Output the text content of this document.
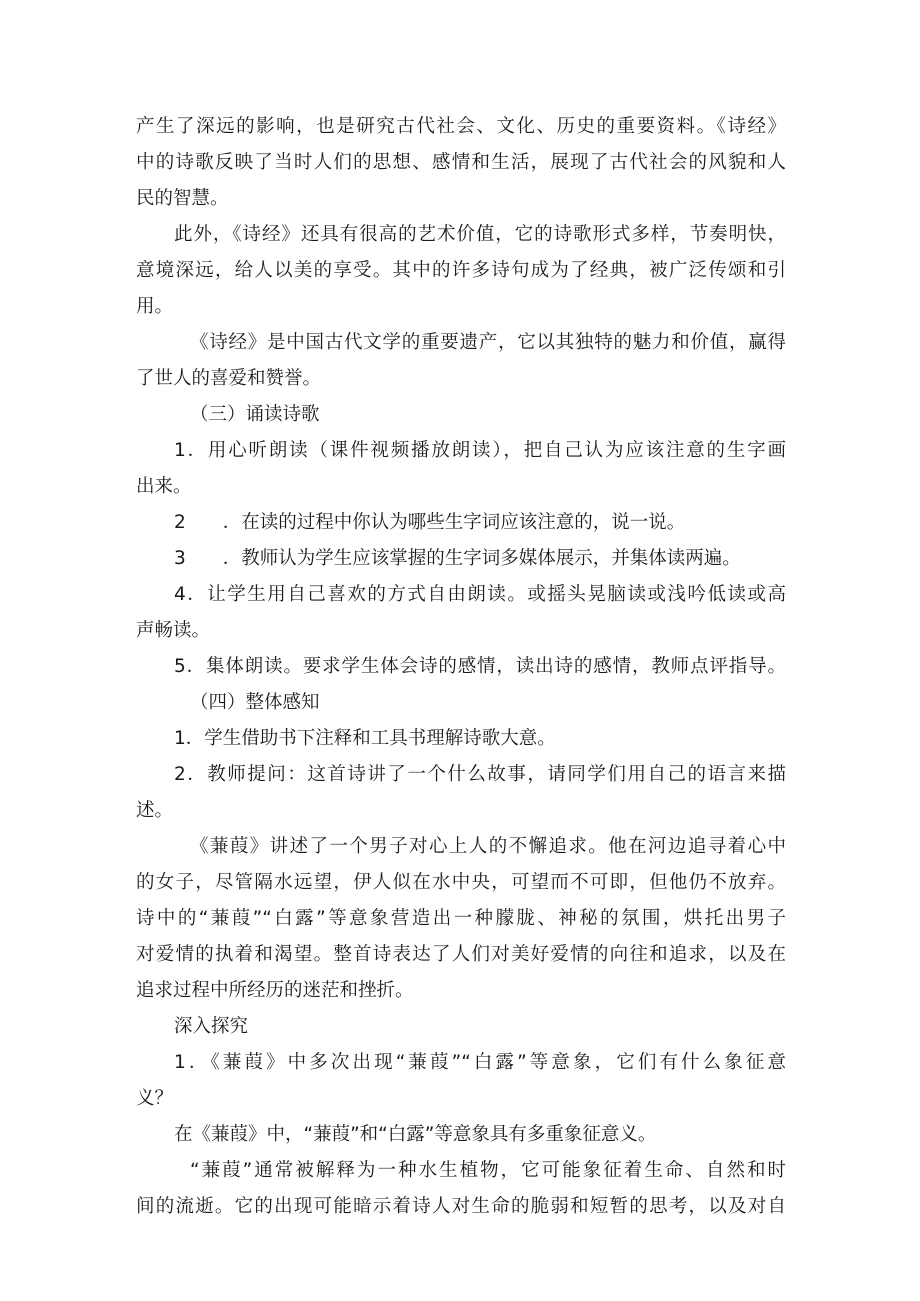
产生了深远的影响，也是研究古代社会、文化、历史的重要资料。《诗经》
中的诗歌反映了当时人们的思想、感情和生活，展现了古代社会的风貌和人
民的智慧。
此外，《诗经》还具有很高的艺术价值，它的诗歌形式多样，节奏明快，
意境深远，给人以美的享受。其中的许多诗句成为了经典，被广泛传颂和引
用。
《诗经》是中国古代文学的重要遗产，它以其独特的魅力和价值，赢得
了世人的喜爱和赞誉。
（三）诵读诗歌
1．用心听朗读（课件视频播放朗读），把自己认为应该注意的生字画
出来。
2　　．在读的过程中你认为哪些生字词应该注意的，说一说。
3　　．教师认为学生应该掌握的生字词多媒体展示，并集体读两遍。
4．让学生用自己喜欢的方式自由朗读。或摇头晃脑读或浅吟低读或高
声畅读。
5．集体朗读。要求学生体会诗的感情，读出诗的感情，教师点评指导。
（四）整体感知
1．学生借助书下注释和工具书理解诗歌大意。
2．教师提问：这首诗讲了一个什么故事，请同学们用自己的语言来描
述。
《蒹葭》讲述了一个男子对心上人的不懈追求。他在河边追寻着心中
的女子，尽管隔水远望，伊人似在水中央，可望而不可即，但他仍不放弃。
诗中的“蒹葭”“白露”等意象营造出一种朦胧、神秘的氛围，烘托出男子
对爱情的执着和渴望。整首诗表达了人们对美好爱情的向往和追求，以及在
追求过程中所经历的迷茫和挫折。
深入探究
1．《蒹葭》中多次出现“蒹葭”“白露”等意象，它们有什么象征意
义？
在《蒹葭》中，“蒹葭”和“白露”等意象具有多重象征意义。
“蒹葭”通常被解释为一种水生植物，它可能象征着生命、自然和时
间的流逝。它的出现可能暗示着诗人对生命的脆弱和短暂的思考，以及对自
